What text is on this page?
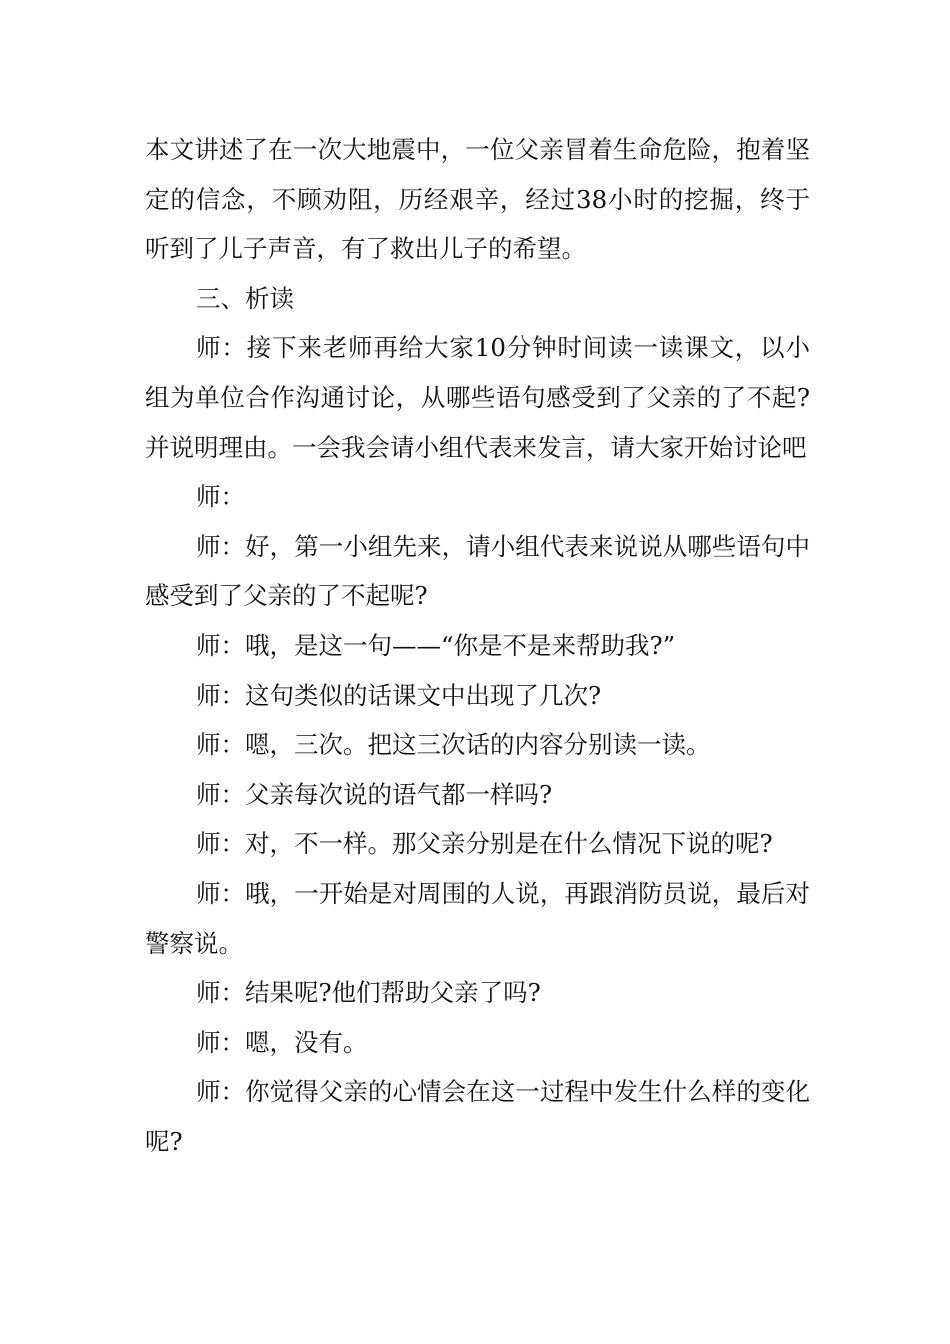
本文讲述了在一次大地震中，一位父亲冒着生命危险，抱着坚定的信念，不顾劝阻，历经艰辛，经过38小时的挖掘，终于听到了儿子声音，有了救出儿子的希望。

三、析读

师：接下来老师再给大家10分钟时间读一读课文，以小组为单位合作沟通讨论，从哪些语句感受到了父亲的了不起?并说明理由。一会我会请小组代表来发言，请大家开始讨论吧

师：

师：好，第一小组先来，请小组代表来说说从哪些语句中感受到了父亲的了不起呢?

师：哦，是这一句——“你是不是来帮助我?”

师：这句类似的话课文中出现了几次?

师：嗯，三次。把这三次话的内容分别读一读。

师：父亲每次说的语气都一样吗?

师：对，不一样。那父亲分别是在什么情况下说的呢?

师：哦，一开始是对周围的人说，再跟消防员说，最后对警察说。

师：结果呢?他们帮助父亲了吗?

师：嗯，没有。

师：你觉得父亲的心情会在这一过程中发生什么样的变化呢?
